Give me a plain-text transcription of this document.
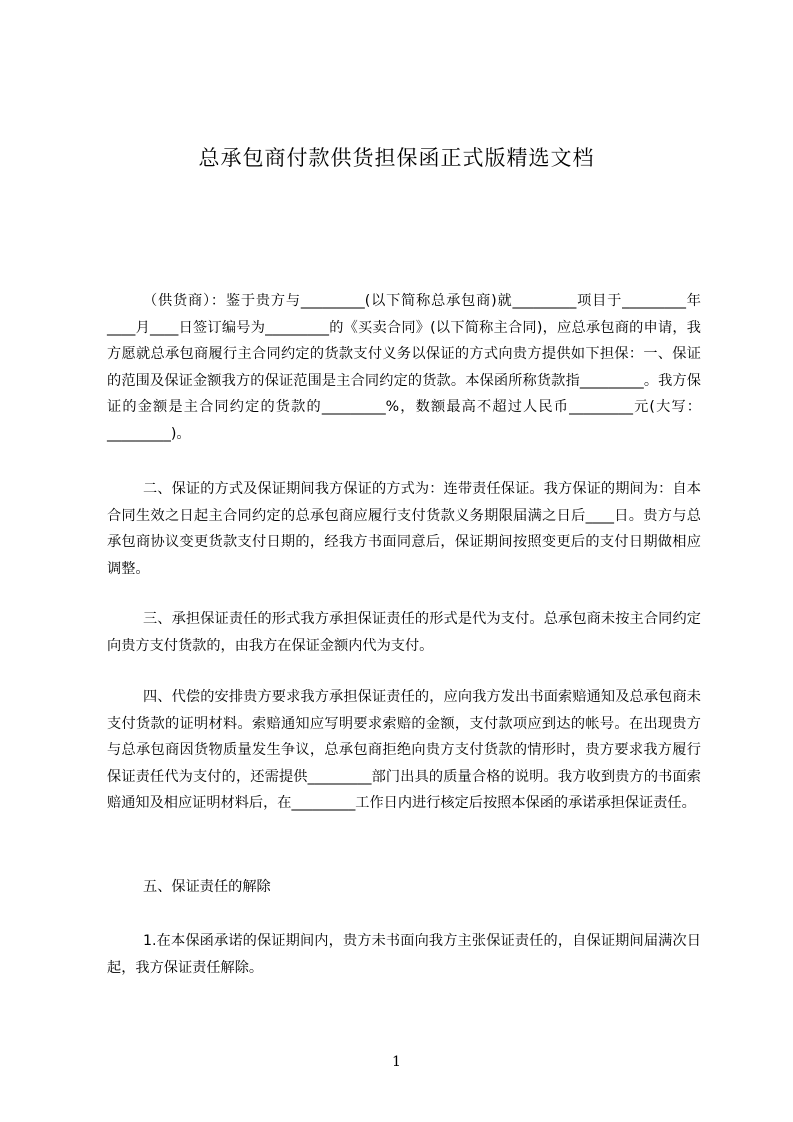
总承包商付款供货担保函正式版精选文档
（供货商）：鉴于贵方与_________(以下简称总承包商)就_________项目于_________年____月____日签订编号为_________的《买卖合同》(以下简称主合同)，应总承包商的申请，我方愿就总承包商履行主合同约定的货款支付义务以保证的方式向贵方提供如下担保：一、保证的范围及保证金额我方的保证范围是主合同约定的货款。本保函所称货款指_________。我方保证的金额是主合同约定的货款的_________%，数额最高不超过人民币_________元(大写：_________)。
二、保证的方式及保证期间我方保证的方式为：连带责任保证。我方保证的期间为：自本合同生效之日起主合同约定的总承包商应履行支付货款义务期限届满之日后____日。贵方与总承包商协议变更货款支付日期的，经我方书面同意后，保证期间按照变更后的支付日期做相应调整。
三、承担保证责任的形式我方承担保证责任的形式是代为支付。总承包商未按主合同约定向贵方支付货款的，由我方在保证金额内代为支付。
四、代偿的安排贵方要求我方承担保证责任的，应向我方发出书面索赔通知及总承包商未支付货款的证明材料。索赔通知应写明要求索赔的金额，支付款项应到达的帐号。在出现贵方与总承包商因货物质量发生争议，总承包商拒绝向贵方支付货款的情形时，贵方要求我方履行保证责任代为支付的，还需提供_________部门出具的质量合格的说明。我方收到贵方的书面索赔通知及相应证明材料后，在_________工作日内进行核定后按照本保函的承诺承担保证责任。
五、保证责任的解除
1.在本保函承诺的保证期间内，贵方未书面向我方主张保证责任的，自保证期间届满次日起，我方保证责任解除。
1
